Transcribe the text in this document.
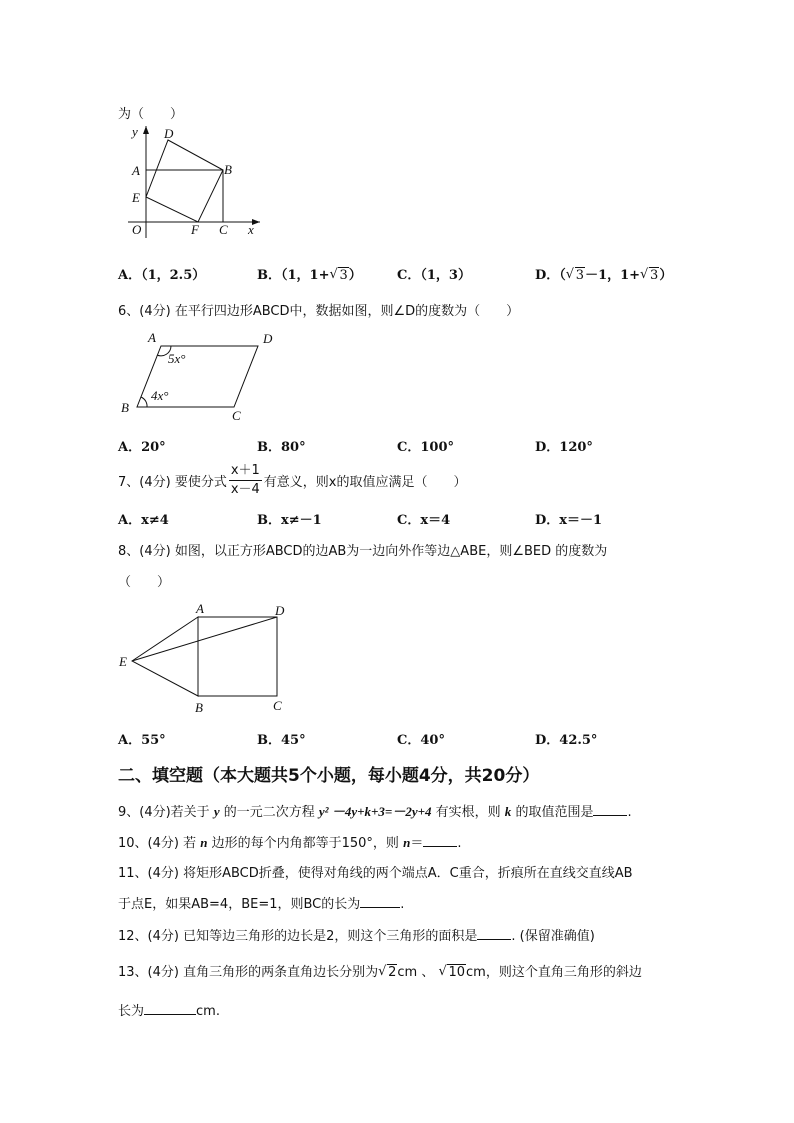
为（　　）
y D
A	B
E
O	F C x
A．（1，2.5）	B．（1，1+ √ 3）	C．（1，3）	D．（ √ 3－1，1+ √ 3）
6、(4分) 在平行四边形ABCD中，数据如图，则∠D的度数为（　　）
A	D
B
C
5x°
4x°
A．20°	B．80°	C．100°	D．120°
7、(4分) 要使分式 $\frac{x+1}{x-4}$ 有意义，则x的取值应满足（　　）
A．x≠4	B．x≠－1	C．x＝4	D．x＝－1
8、(4分) 如图，以正方形ABCD的边AB为一边向外作等边△ABE，则∠BED 的度数为
（　　）
A	D
E
B	C
A．55°	B．45°	C．40°	D．42.5°
二、填空题（本大题共5个小题，每小题4分，共20分）
9、(4分)若关于 y 的一元二次方程 y² －4y+k+3=－2y+4 有实根，则 k 的取值范围是	.
10、(4分) 若 n 边形的每个内角都等于150°，则 n＝	.
11、(4分) 将矩形ABCD折叠，使得对角线的两个端点A．C重合，折痕所在直线交直线AB
于点E，如果AB=4，BE=1，则BC的长为	.
12、(4分) 已知等边三角形的边长是2，则这个三角形的面积是	. (保留准确值)
13、(4分) 直角三角形的两条直角边长分别为 √ 2cm 、 √ 10cm，则这个直角三角形的斜边
长为	cm.
